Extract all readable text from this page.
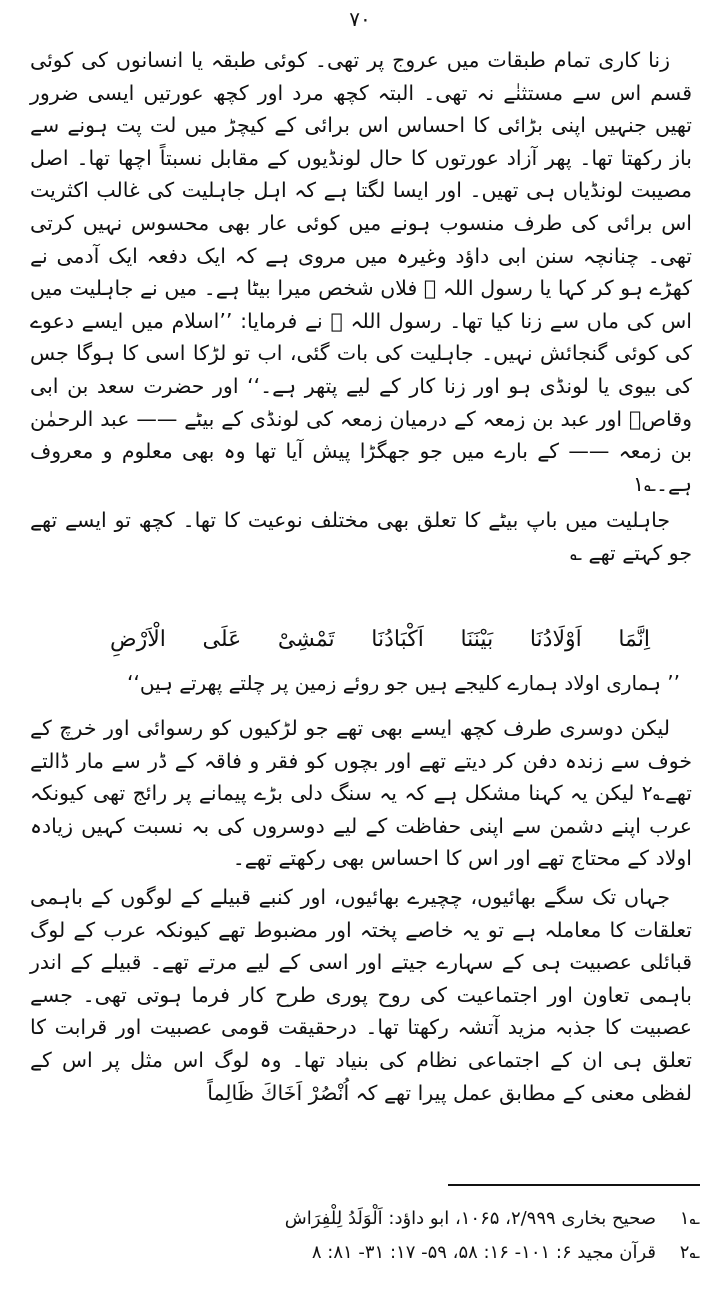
۷۰

زنا کاری تمام طبقات میں عروج پر تھی۔ کوئی طبقہ یا انسانوں کی کوئی قسم اس سے مستثنٰے نہ تھی۔ البتہ کچھ مرد اور کچھ عورتیں ایسی ضرور تھیں جنہیں اپنی بڑائی کا احساس اس برائی کے کیچڑ میں لت پت ہونے سے باز رکھتا تھا۔ پھر آزاد عورتوں کا حال لونڈیوں کے مقابل نسبتاً اچھا تھا۔ اصل مصیبت لونڈیاں ہی تھیں۔ اور ایسا لگتا ہے کہ اہل جاہلیت کی غالب اکثریت اس برائی کی طرف منسوب ہونے میں کوئی عار بھی محسوس نہیں کرتی تھی۔ چنانچہ سنن ابی داؤد وغیرہ میں مروی ہے کہ ایک دفعہ ایک آدمی نے کھڑے ہو کر کہا یا رسول اللہ ﷺ فلاں شخص میرا بیٹا ہے۔ میں نے جاہلیت میں اس کی ماں سے زنا کیا تھا۔ رسول اللہ ﷺ نے فرمایا: ’’اسلام میں ایسے دعوے کی کوئی گنجائش نہیں۔ جاہلیت کی بات گئی، اب تو لڑکا اسی کا ہوگا جس کی بیوی یا لونڈی ہو اور زنا کار کے لیے پتھر ہے۔‘‘ اور حضرت سعد بن ابی وقاصؓ اور عبد بن زمعہ کے درمیان زمعہ کی لونڈی کے بیٹے —— عبد الرحمٰن بن زمعہ —— کے بارے میں جو جھگڑا پیش آیا تھا وہ بھی معلوم و معروف ہے۔؎۱

جاہلیت میں باپ بیٹے کا تعلق بھی مختلف نوعیت کا تھا۔ کچھ تو ایسے تھے جو کہتے تھے ؎

اِنَّمَا اَوْلَادُنَا بَيْنَنَا اَكْبَادُنَا تَمْشِىْ عَلَى الْاَرْضِ
’’ ہماری اولاد ہمارے کلیجے ہیں جو روئے زمین پر چلتے پھرتے ہیں‘‘

لیکن دوسری طرف کچھ ایسے بھی تھے جو لڑکیوں کو رسوائی اور خرچ کے خوف سے زندہ دفن کر دیتے تھے اور بچوں کو فقر و فاقہ کے ڈر سے مار ڈالتے تھے؎۲ لیکن یہ کہنا مشکل ہے کہ یہ سنگ دلی بڑے پیمانے پر رائج تھی کیونکہ عرب اپنے دشمن سے اپنی حفاظت کے لیے دوسروں کی بہ نسبت کہیں زیادہ اولاد کے محتاج تھے اور اس کا احساس بھی رکھتے تھے۔

جہاں تک سگے بھائیوں، چچیرے بھائیوں، اور کنبے قبیلے کے لوگوں کے باہمی تعلقات کا معاملہ ہے تو یہ خاصے پختہ اور مضبوط تھے کیونکہ عرب کے لوگ قبائلی عصبیت ہی کے سہارے جیتے اور اسی کے لیے مرتے تھے۔ قبیلے کے اندر باہمی تعاون اور اجتماعیت کی روح پوری طرح کار فرما ہوتی تھی۔ جسے عصبیت کا جذبہ مزید آتشہ رکھتا تھا۔ درحقیقت قومی عصبیت اور قرابت کا تعلق ہی ان کے اجتماعی نظام کی بنیاد تھا۔ وہ لوگ اس مثل پر اس کے لفظی معنی کے مطابق عمل پیرا تھے کہ اُنْصُرْ اَخَاكَ ظَالِماً

؎۱
صحیح بخاری ۲/۹۹۹، ۱۰۶۵، ابو داؤد: اَلْوَلَدُ لِلْفِرَاش
؎۲
قرآن مجید ۶: ۱۰۱- ۱۶: ۵۸، ۵۹- ۱۷: ۳۱- ۸۱: ۸
